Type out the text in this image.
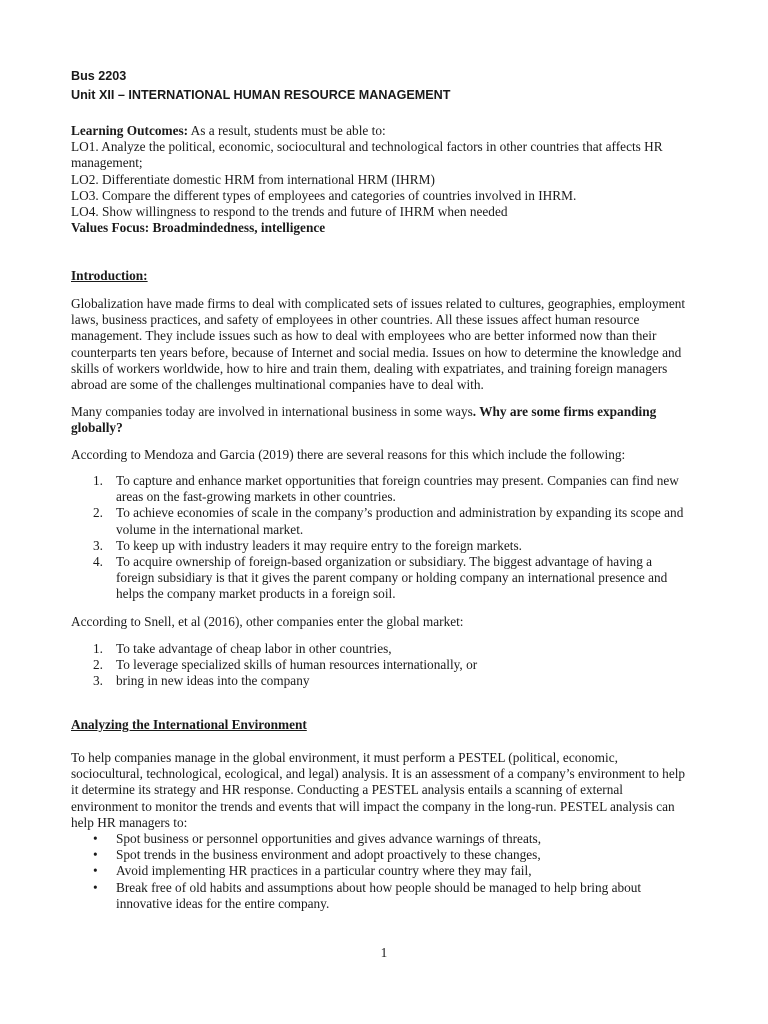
Bus 2203
Unit XII – INTERNATIONAL HUMAN RESOURCE MANAGEMENT

Learning Outcomes: As a result, students must be able to:

LO1. Analyze the political, economic, sociocultural and technological factors in other countries that affects HR management;

LO2. Differentiate domestic HRM from international HRM (IHRM)

LO3. Compare the different types of employees and categories of countries involved in IHRM.

LO4. Show willingness to respond to the trends and future of IHRM when needed

Values Focus: Broadmindedness, intelligence

Introduction:
Globalization have made firms to deal with complicated sets of issues related to cultures, geographies, employment laws, business practices, and safety of employees in other countries. All these issues affect human resource management. They include issues such as how to deal with employees who are better informed now than their counterparts ten years before, because of Internet and social media. Issues on how to determine the knowledge and skills of workers worldwide, how to hire and train them, dealing with expatriates, and training foreign managers abroad are some of the challenges multinational companies have to deal with.
Many companies today are involved in international business in some ways. Why are some firms expanding globally?
According to Mendoza and Garcia (2019) there are several reasons for this which include the following:
1. To capture and enhance market opportunities that foreign countries may present. Companies can find new areas on the fast-growing markets in other countries.
2. To achieve economies of scale in the company’s production and administration by expanding its scope and volume in the international market.
3. To keep up with industry leaders it may require entry to the foreign markets.
4. To acquire ownership of foreign-based organization or subsidiary. The biggest advantage of having a foreign subsidiary is that it gives the parent company or holding company an international presence and helps the company market products in a foreign soil.
According to Snell, et al (2016), other companies enter the global market:
1. To take advantage of cheap labor in other countries,
2. To leverage specialized skills of human resources internationally, or
3. bring in new ideas into the company
Analyzing the International Environment
To help companies manage in the global environment, it must perform a PESTEL (political, economic, sociocultural, technological, ecological, and legal) analysis. It is an assessment of a company’s environment to help it determine its strategy and HR response. Conducting a PESTEL analysis entails a scanning of external environment to monitor the trends and events that will impact the company in the long-run. PESTEL analysis can help HR managers to:
• Spot business or personnel opportunities and gives advance warnings of threats,
• Spot trends in the business environment and adopt proactively to these changes,
• Avoid implementing HR practices in a particular country where they may fail,
• Break free of old habits and assumptions about how people should be managed to help bring about innovative ideas for the entire company.
1
